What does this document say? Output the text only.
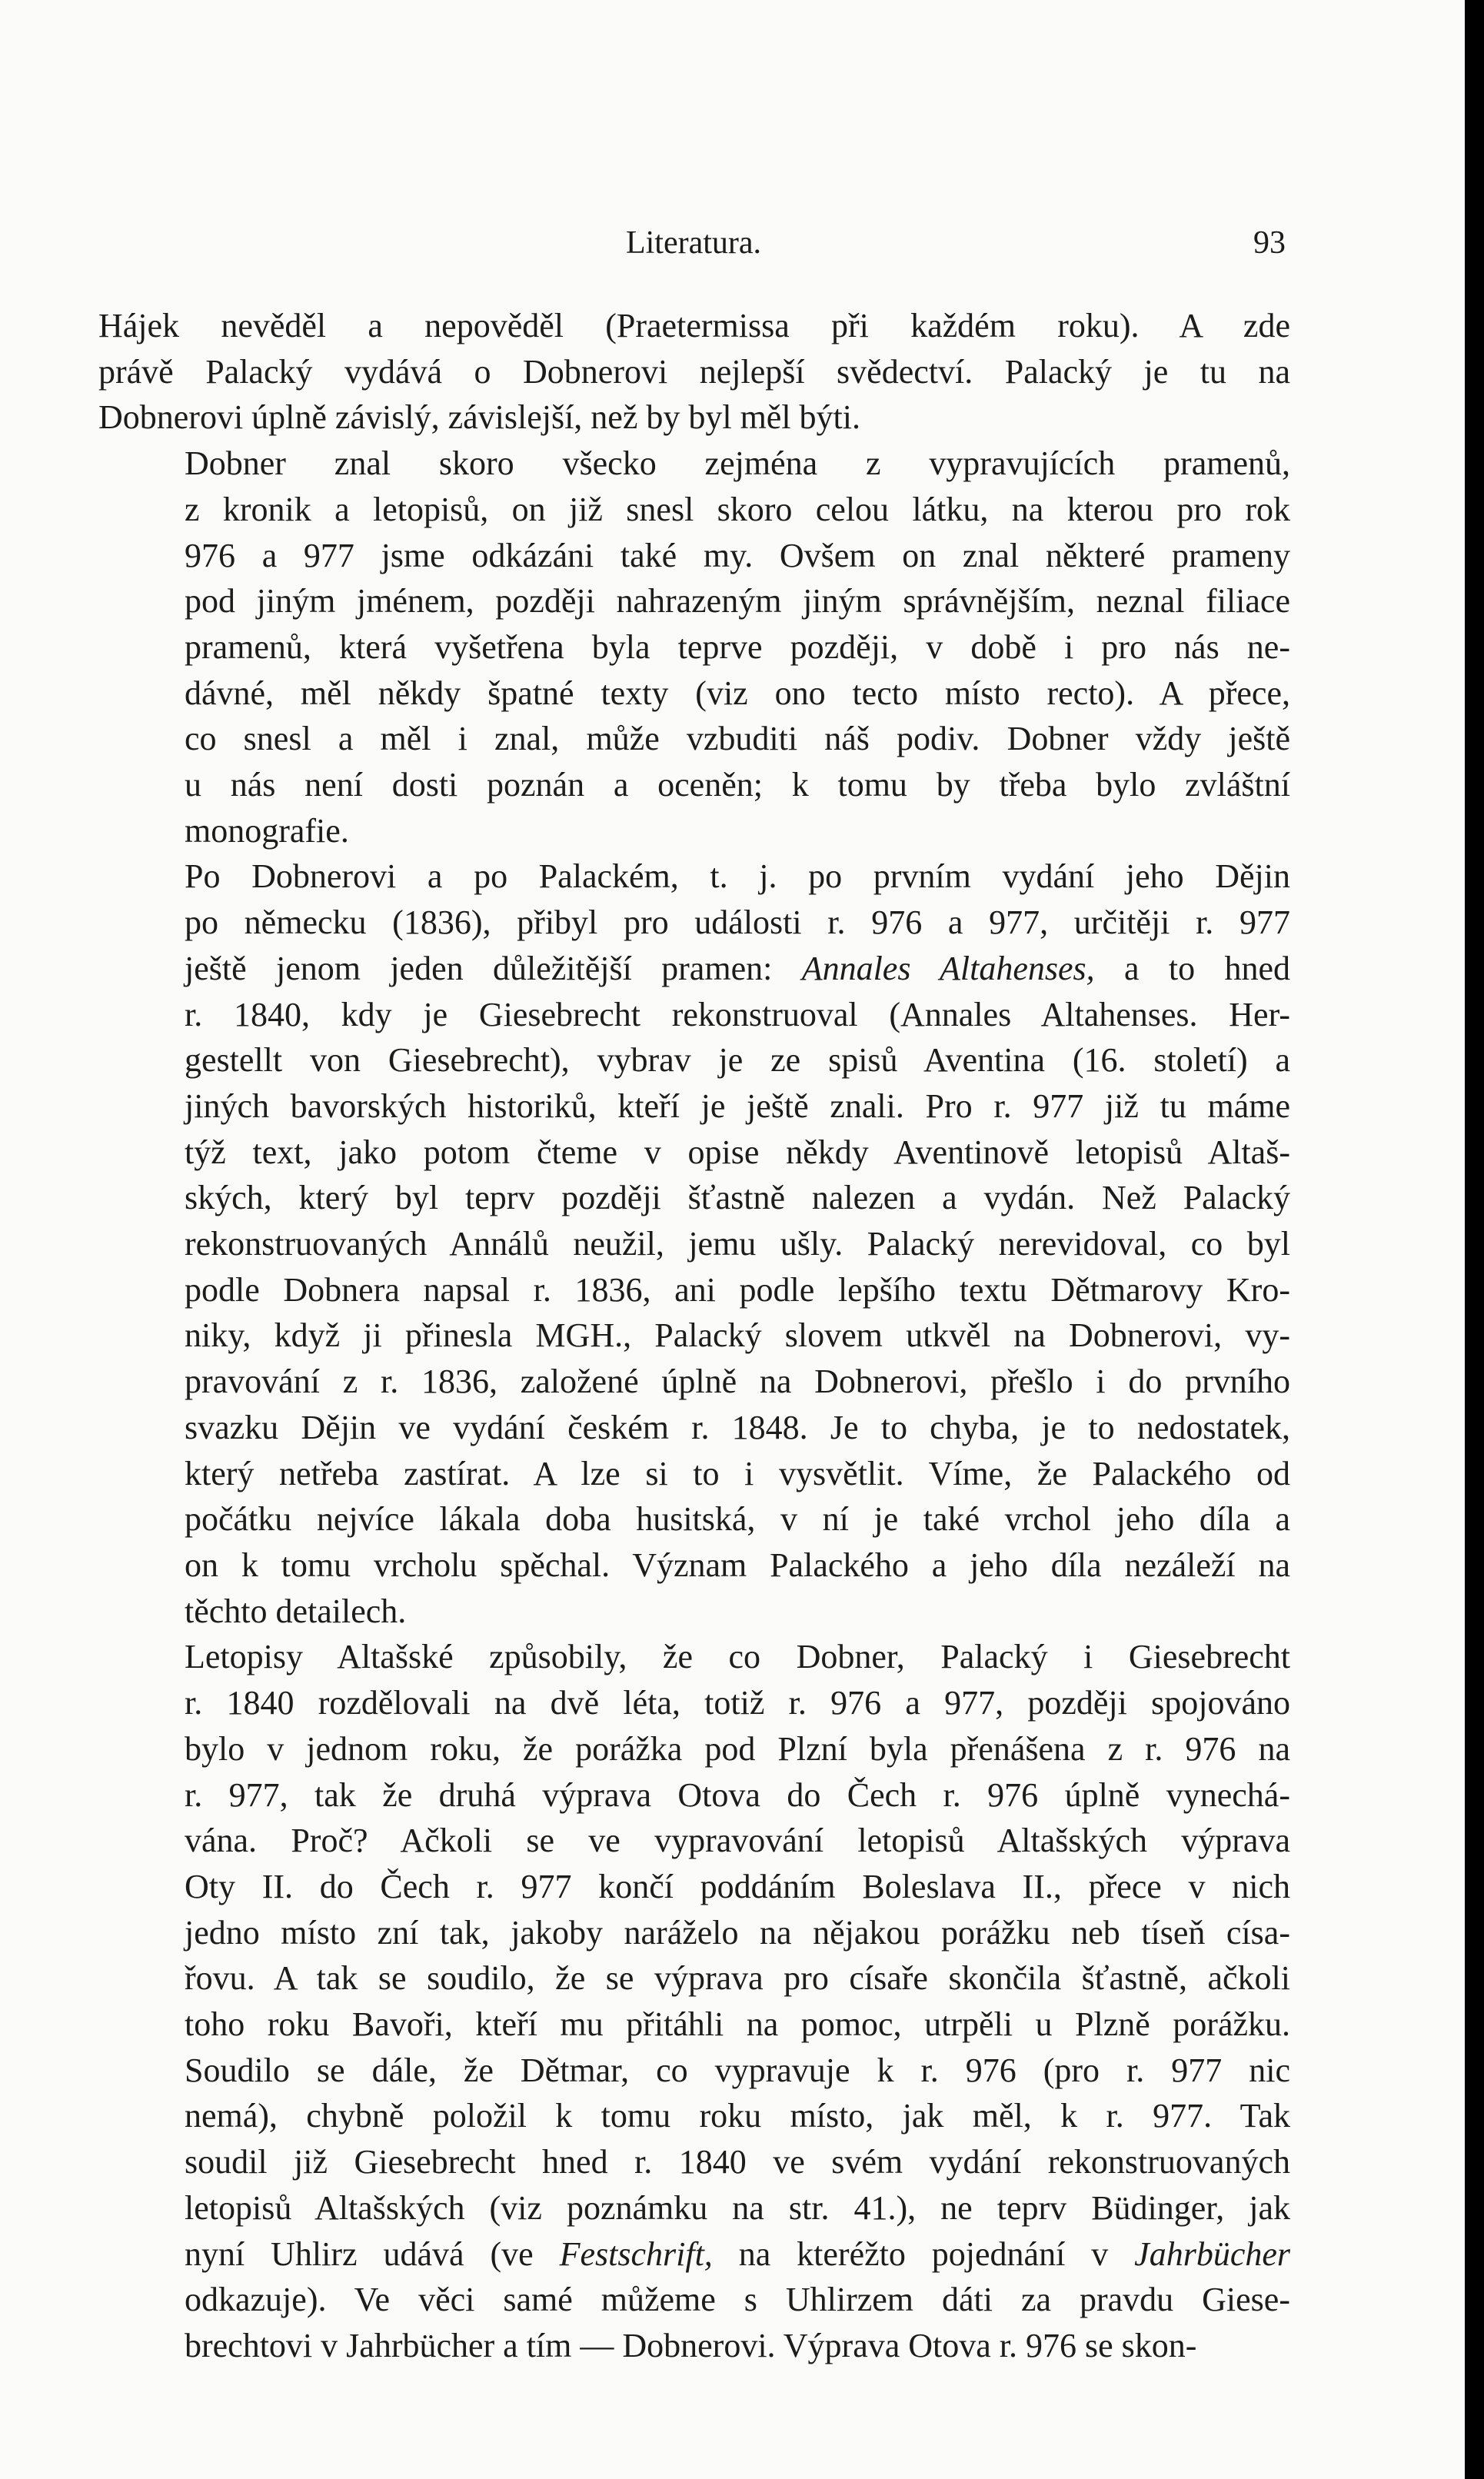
Literatura.	93
Hájek nevěděl a nepověděl (Praetermissa při každém roku). A zde
právě Palacký vydává o Dobnerovi nejlepší svědectví. Palacký je tu na
Dobnerovi úplně závislý, závislejší, než by byl měl býti.
Dobner znal skoro všecko zejména z vypravujících pramenů,
z kronik a letopisů, on již snesl skoro celou látku, na kterou pro rok
976 a 977 jsme odkázáni také my. Ovšem on znal některé prameny
pod jiným jménem, později nahrazeným jiným správnějším, neznal filiace
pramenů, která vyšetřena byla teprve později, v době i pro nás ne-
dávné, měl někdy špatné texty (viz ono tecto místo recto). A přece,
co snesl a měl i znal, může vzbuditi náš podiv. Dobner vždy ještě
u nás není dosti poznán a oceněn; k tomu by třeba bylo zvláštní
monografie.
Po Dobnerovi a po Palackém, t. j. po prvním vydání jeho Dějin
po německu (1836), přibyl pro události r. 976 a 977, určitěji r. 977
ještě jenom jeden důležitější pramen: Annales Altahenses, a to hned
r. 1840, kdy je Giesebrecht rekonstruoval (Annales Altahenses. Her-
gestellt von Giesebrecht), vybrav je ze spisů Aventina (16. století) a
jiných bavorských historiků, kteří je ještě znali. Pro r. 977 již tu máme
týž text, jako potom čteme v opise někdy Aventinově letopisů Altaš-
ských, který byl teprv později šťastně nalezen a vydán. Než Palacký
rekonstruovaných Annálů neužil, jemu ušly. Palacký nerevidoval, co byl
podle Dobnera napsal r. 1836, ani podle lepšího textu Dětmarovy Kro-
niky, když ji přinesla MGH., Palacký slovem utkvěl na Dobnerovi, vy-
pravování z r. 1836, založené úplně na Dobnerovi, přešlo i do prvního
svazku Dějin ve vydání českém r. 1848. Je to chyba, je to nedostatek,
který netřeba zastírat. A lze si to i vysvětlit. Víme, že Palackého od
počátku nejvíce lákala doba husitská, v ní je také vrchol jeho díla a
on k tomu vrcholu spěchal. Význam Palackého a jeho díla nezáleží na
těchto detailech.
Letopisy Altašské způsobily, že co Dobner, Palacký i Giesebrecht
r. 1840 rozdělovali na dvě léta, totiž r. 976 a 977, později spojováno
bylo v jednom roku, že porážka pod Plzní byla přenášena z r. 976 na
r. 977, tak že druhá výprava Otova do Čech r. 976 úplně vynechá-
vána. Proč? Ačkoli se ve vypravování letopisů Altašských výprava
Oty II. do Čech r. 977 končí poddáním Boleslava II., přece v nich
jedno místo zní tak, jakoby naráželo na nějakou porážku neb tíseň císa-
řovu. A tak se soudilo, že se výprava pro císaře skončila šťastně, ačkoli
toho roku Bavoři, kteří mu přitáhli na pomoc, utrpěli u Plzně porážku.
Soudilo se dále, že Dětmar, co vypravuje k r. 976 (pro r. 977 nic
nemá), chybně položil k tomu roku místo, jak měl, k r. 977. Tak
soudil již Giesebrecht hned r. 1840 ve svém vydání rekonstruovaných
letopisů Altašských (viz poznámku na str. 41.), ne teprv Büdinger, jak
nyní Uhlirz udává (ve Festschrift, na kteréžto pojednání v Jahrbücher
odkazuje). Ve věci samé můžeme s Uhlirzem dáti za pravdu Giese-
brechtovi v Jahrbücher a tím — Dobnerovi. Výprava Otova r. 976 se skon-
